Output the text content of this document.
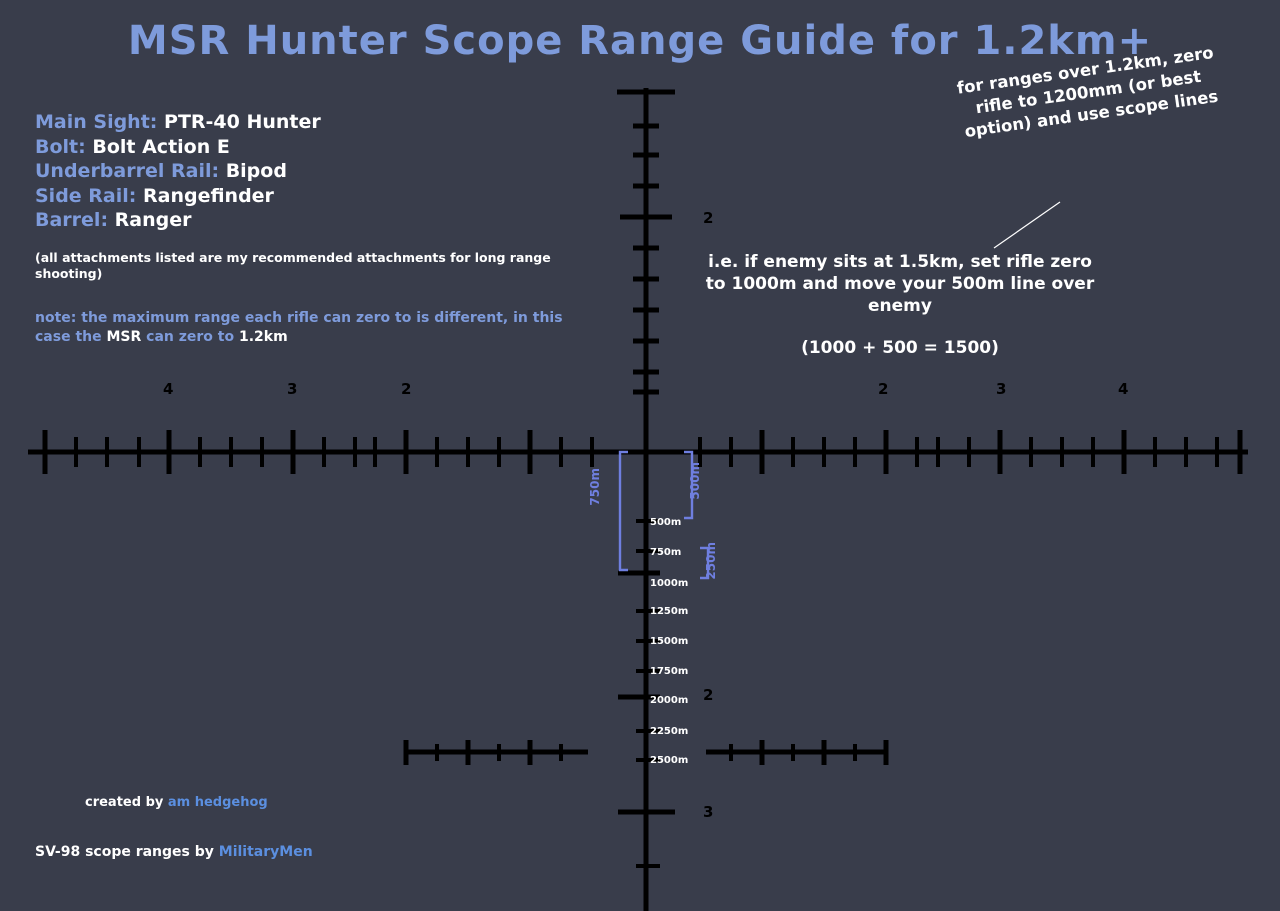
MSR Hunter Scope Range Guide for 1.2km+
Main Sight: PTR-40 Hunter
Bolt: Bolt Action E
Underbarrel Rail: Bipod
Side Rail: Rangefinder
Barrel: Ranger
(all attachments listed are my recommended attachments for long range shooting)
note: the maximum range each rifle can zero to is different, in this case the MSR can zero to 1.2km
for ranges over 1.2km, zero rifle to 1200mm (or best option) and use scope lines
i.e. if enemy sits at 1.5km, set rifle zero to 1000m and move your 500m line over enemy
(1000 + 500 = 1500)
4	3	2	2	3	4
2
2
3
500m
750m
1000m
1250m
1500m
1750m
2000m
2250m
2500m
750m	500m
250m
created by am hedgehog
SV-98 scope ranges by MilitaryMen
